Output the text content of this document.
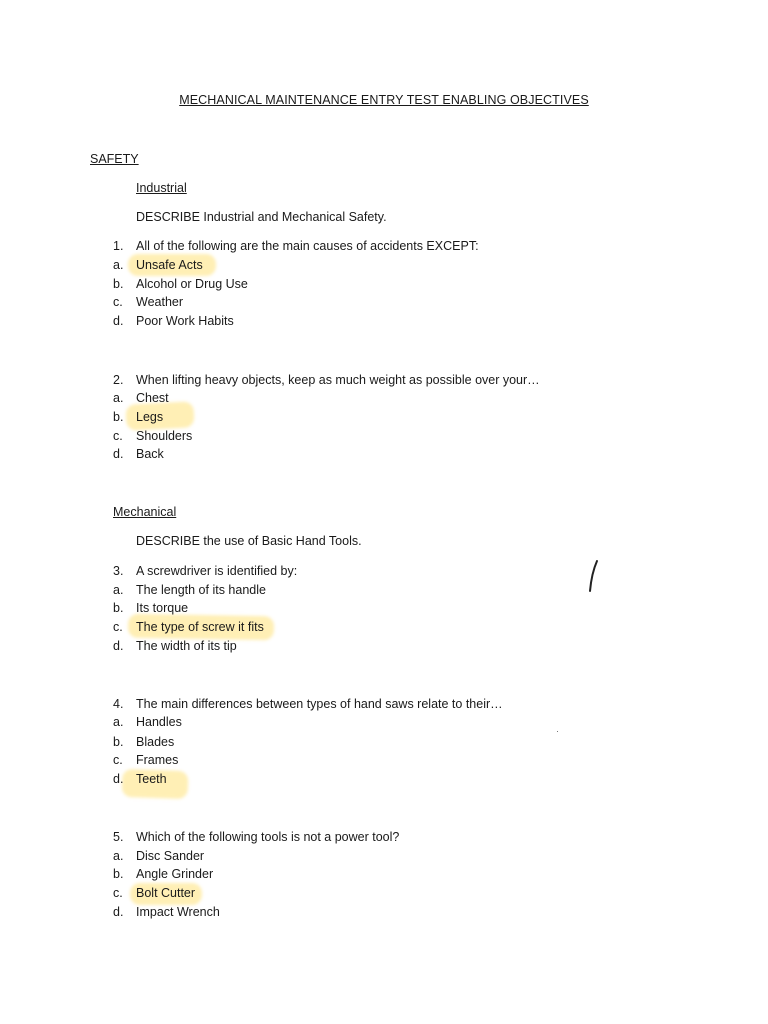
MECHANICAL MAINTENANCE ENTRY TEST ENABLING OBJECTIVES
SAFETY
Industrial
DESCRIBE Industrial and Mechanical Safety.
1. All of the following are the main causes of accidents EXCEPT:
a. Unsafe Acts
b. Alcohol or Drug Use
c. Weather
d. Poor Work Habits
2. When lifting heavy objects, keep as much weight as possible over your…
a. Chest
b. Legs
c. Shoulders
d. Back
Mechanical
DESCRIBE the use of Basic Hand Tools.
3. A screwdriver is identified by:
a. The length of its handle
b. Its torque
c. The type of screw it fits
d. The width of its tip
4. The main differences between types of hand saws relate to their…
a. Handles
b. Blades
c. Frames
d. Teeth
5. Which of the following tools is not a power tool?
a. Disc Sander
b. Angle Grinder
c. Bolt Cutter
d. Impact Wrench
